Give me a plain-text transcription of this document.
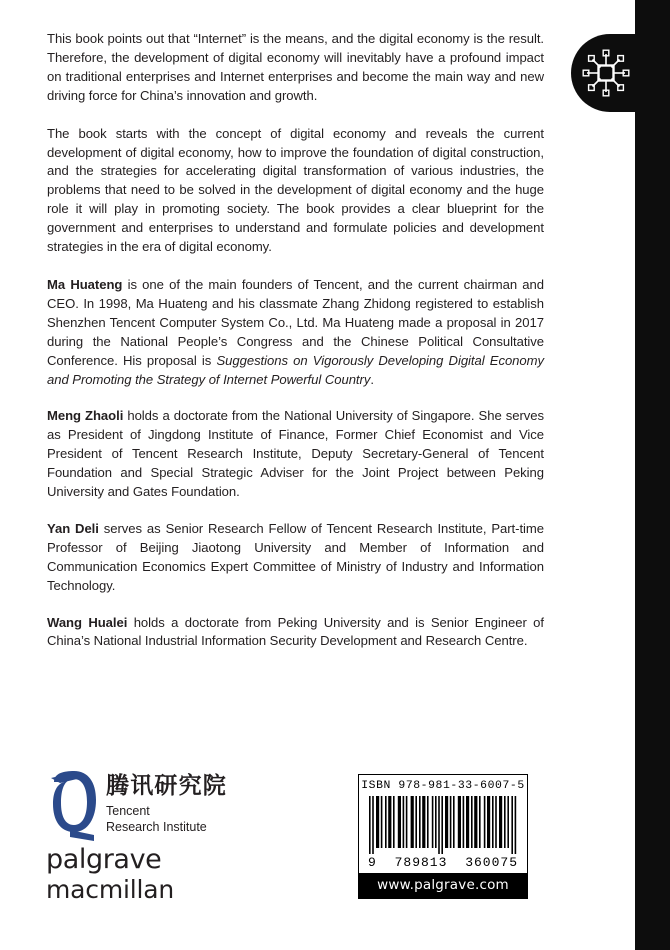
This book points out that “Internet” is the means, and the digital economy is the result. Therefore, the development of digital economy will inevitably have a profound impact on traditional enterprises and Internet enterprises and become the main way and new driving force for China’s innovation and growth.

The book starts with the concept of digital economy and reveals the current development of digital economy, how to improve the foundation of digital construction, and the strategies for accelerating digital transformation of various industries, the problems that need to be solved in the development of digital economy and the huge role it will play in promoting society. The book provides a clear blueprint for the government and enterprises to understand and formulate policies and development strategies in the era of digital economy.

Ma Huateng is one of the main founders of Tencent, and the current chairman and CEO. In 1998, Ma Huateng and his classmate Zhang Zhidong registered to establish Shenzhen Tencent Computer System Co., Ltd. Ma Huateng made a proposal in 2017 during the National People’s Congress and the Chinese Political Consultative Conference. His proposal is Suggestions on Vigorously Developing Digital Economy and Promoting the Strategy of Internet Powerful Country.

Meng Zhaoli holds a doctorate from the National University of Singapore. She serves as President of Jingdong Institute of Finance, Former Chief Economist and Vice President of Tencent Research Institute, Deputy Secretary-General of Tencent Foundation and Special Strategic Adviser for the Joint Project between Peking University and Gates Foundation.

Yan Deli serves as Senior Research Fellow of Tencent Research Institute, Part-time Professor of Beijing Jiaotong University and Member of Information and Communication Economics Expert Committee of Ministry of Industry and Information Technology.

Wang Hualei holds a doctorate from Peking University and is Senior Engineer of China’s National Industrial Information Security Development and Research Centre.

腾讯研究院
Tencent
Research Institute
palgrave
macmillan
ISBN 978-981-33-6007-5
9 789813 360075
www.palgrave.com
